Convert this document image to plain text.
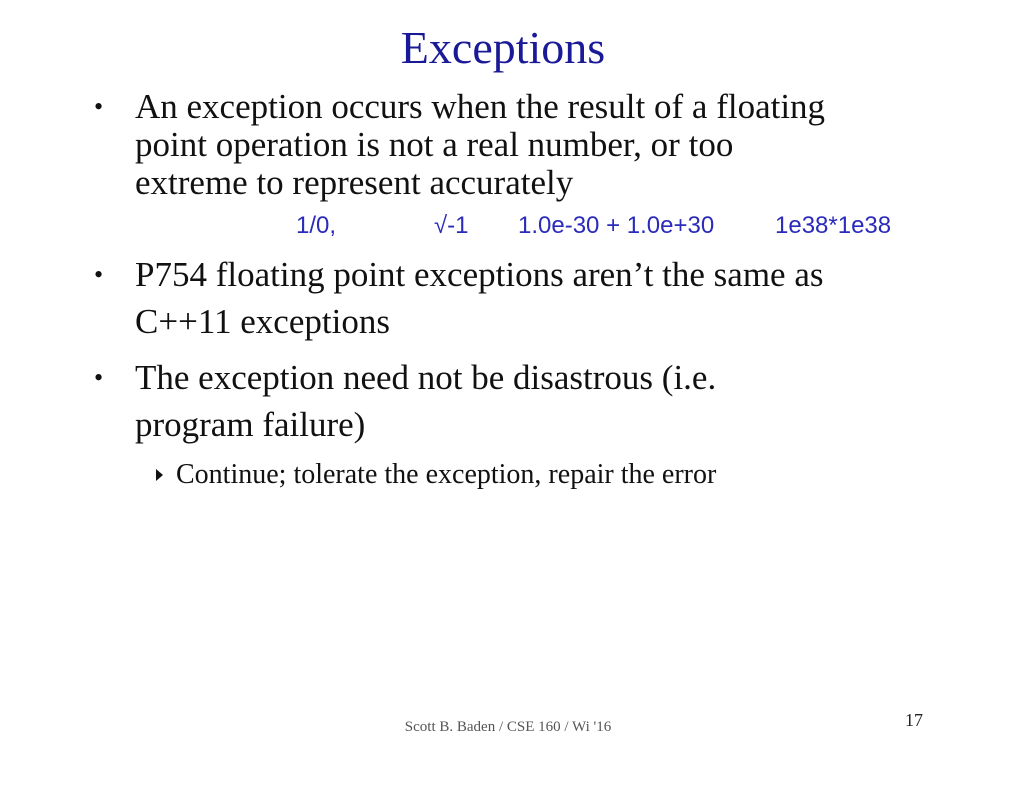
Exceptions
• An exception occurs when the result of a floating
point operation is not a real number, or too
extreme to represent accurately
1/0,	√-1 1.0e-30 + 1.0e+30	1e38*1e38
• P754 floating point exceptions aren’t the same as
C++11 exceptions
• The exception need not be disastrous (i.e.
program failure)
Continue; tolerate the exception, repair the error
Scott B. Baden / CSE 160 / Wi '16	17
